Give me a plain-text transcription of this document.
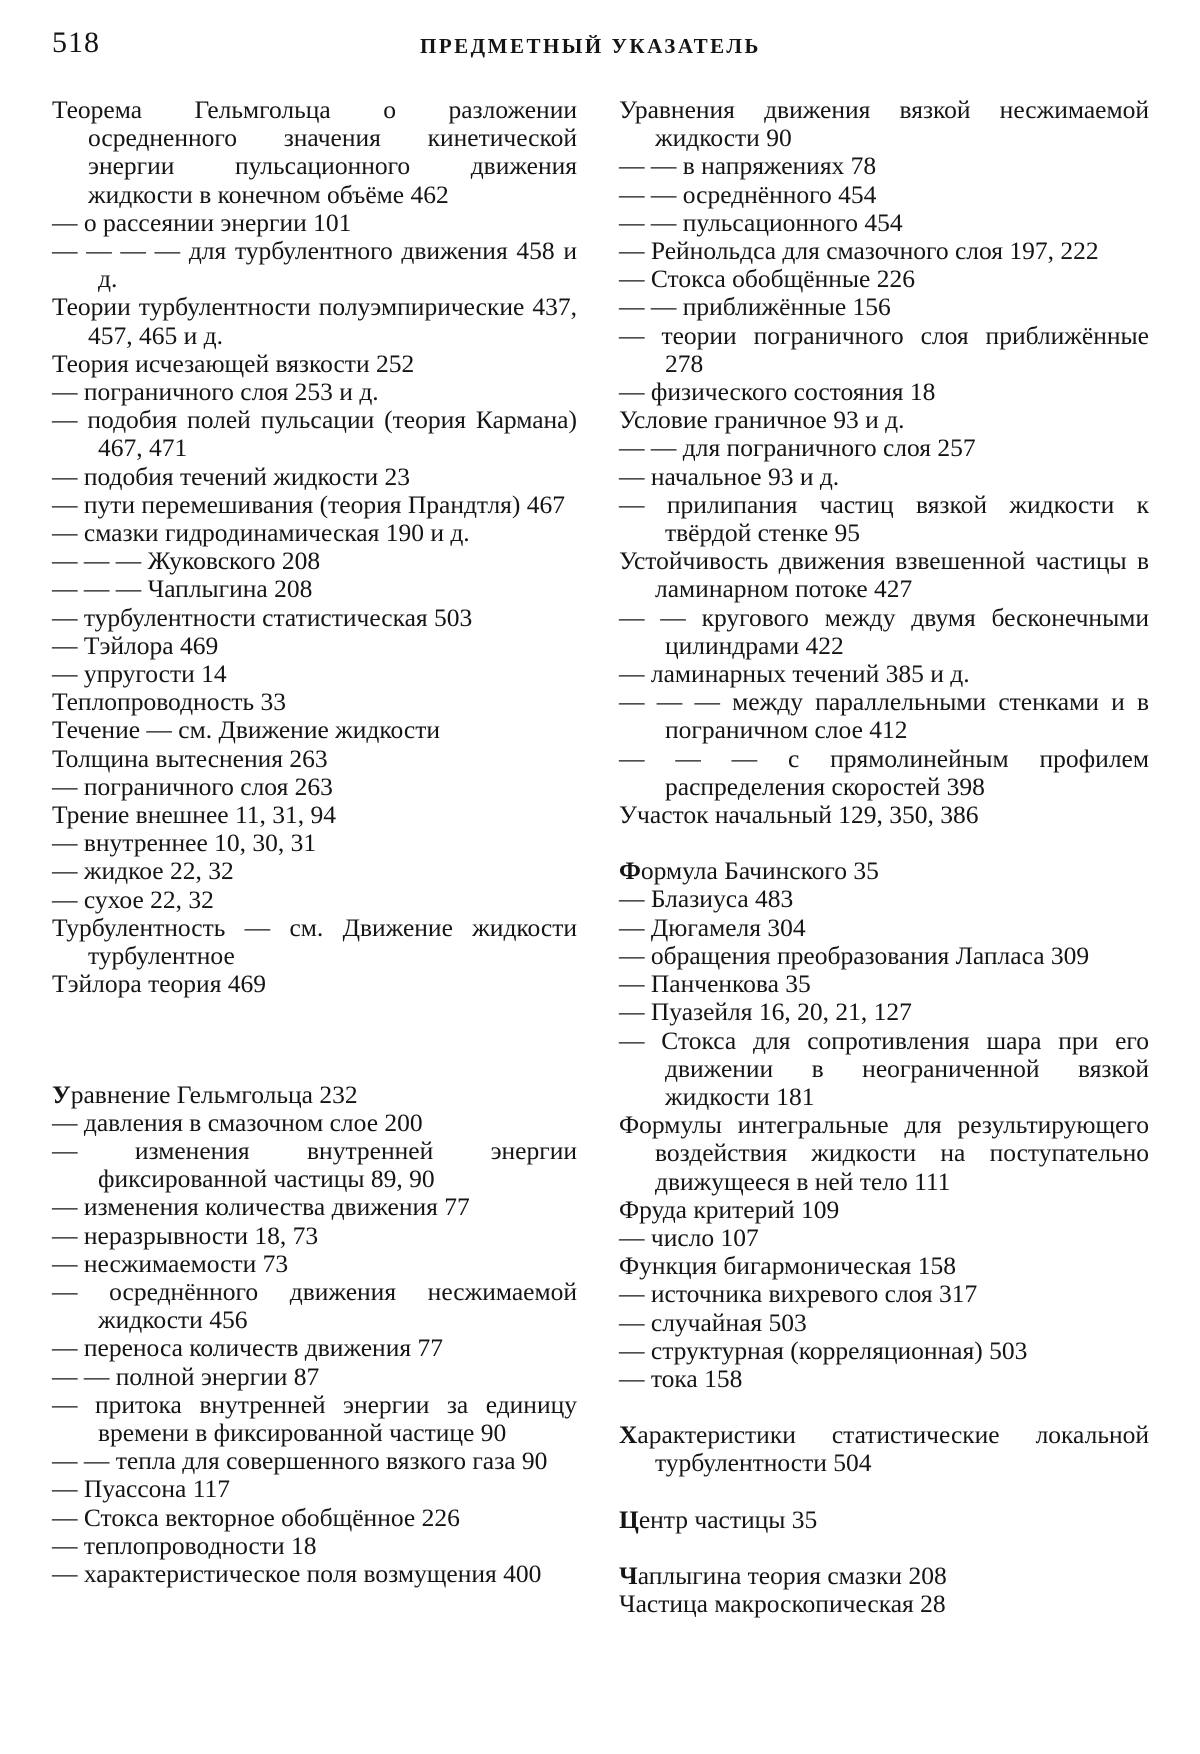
518	ПРЕДМЕТНЫЙ УКАЗАТЕЛЬ
Теорема Гельмгольца о разложении осредненного значения кинетической энергии пульсационного движения жидкости в конечном объёме 462
— о рассеянии энергии 101
— — — — для турбулентного движения 458 и д.
Теории турбулентности полуэмпирические 437, 457, 465 и д.
Теория исчезающей вязкости 252
— пограничного слоя 253 и д.
— подобия полей пульсации (теория Кармана) 467, 471
— подобия течений жидкости 23
— пути перемешивания (теория Прандтля) 467
— смазки гидродинамическая 190 и д.
— — — Жуковского 208
— — — Чаплыгина 208
— турбулентности статистическая 503
— Тэйлора 469
— упругости 14
Теплопроводность 33
Течение — см. Движение жидкости
Толщина вытеснения 263
— пограничного слоя 263
Трение внешнее 11, 31, 94
— внутреннее 10, 30, 31
— жидкое 22, 32
— сухое 22, 32
Турбулентность — см. Движение жидкости турбулентное
Тэйлора теория 469
Уравнение Гельмгольца 232
— давления в смазочном слое 200
— изменения внутренней энергии фиксированной частицы 89, 90
— изменения количества движения 77
— неразрывности 18, 73
— несжимаемости 73
— осреднённого движения несжимаемой жидкости 456
— переноса количеств движения 77
— — полной энергии 87
— притока внутренней энергии за единицу времени в фиксированной частице 90
— — тепла для совершенного вязкого газа 90
— Пуассона 117
— Стокса векторное обобщённое 226
— теплопроводности 18
— характеристическое поля возмущения 400
Уравнения движения вязкой несжимаемой жидкости 90
— — в напряжениях 78
— — осреднённого 454
— — пульсационного 454
— Рейнольдса для смазочного слоя 197, 222
— Стокса обобщённые 226
— — приближённые 156
— теории пограничного слоя приближённые 278
— физического состояния 18
Условие граничное 93 и д.
— — для пограничного слоя 257
— начальное 93 и д.
— прилипания частиц вязкой жидкости к твёрдой стенке 95
Устойчивость движения взвешенной частицы в ламинарном потоке 427
— — кругового между двумя бесконечными цилиндрами 422
— ламинарных течений 385 и д.
— — — между параллельными стенками и в пограничном слое 412
— — — с прямолинейным профилем распределения скоростей 398
Участок начальный 129, 350, 386
Формула Бачинского 35
— Блазиуса 483
— Дюгамеля 304
— обращения преобразования Лапласа 309
— Панченкова 35
— Пуазейля 16, 20, 21, 127
— Стокса для сопротивления шара при его движении в неограниченной вязкой жидкости 181
Формулы интегральные для результирующего воздействия жидкости на поступательно движущееся в ней тело 111
Фруда критерий 109
— число 107
Функция бигармоническая 158
— источника вихревого слоя 317
— случайная 503
— структурная (корреляционная) 503
— тока 158
Характеристики статистические локальной турбулентности 504
Центр частицы 35
Чаплыгина теория смазки 208
Частица макроскопическая 28
